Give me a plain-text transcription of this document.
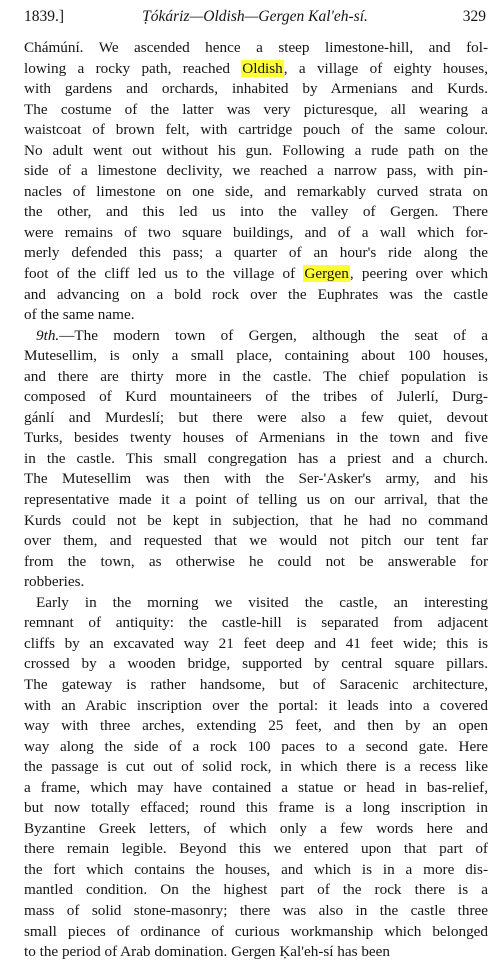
1839.]	Ṭókáriz—Oldish—Gergen Kal'eh-sí.	329
Chámúní. We ascended hence a steep limestone-hill, and fol-
lowing a rocky path, reached Oldish, a village of eighty houses,
with gardens and orchards, inhabited by Armenians and Kurds.
The costume of the latter was very picturesque, all wearing a
waistcoat of brown felt, with cartridge pouch of the same colour.
No adult went out without his gun. Following a rude path on the
side of a limestone declivity, we reached a narrow pass, with pin-
nacles of limestone on one side, and remarkably curved strata on
the other, and this led us into the valley of Gergen. There
were remains of two square buildings, and of a wall which for-
merly defended this pass; a quarter of an hour's ride along the
foot of the cliff led us to the village of Gergen, peering over which
and advancing on a bold rock over the Euphrates was the castle
of the same name.
9th.—The modern town of Gergen, although the seat of a
Mutesellim, is only a small place, containing about 100 houses,
and there are thirty more in the castle. The chief population is
composed of Kurd mountaineers of the tribes of Julerlí, Durg-
gánlí and Murdeslí; but there were also a few quiet, devout
Turks, besides twenty houses of Armenians in the town and five
in the castle. This small congregation has a priest and a church.
The Mutesellim was then with the Ser-'Asker's army, and his
representative made it a point of telling us on our arrival, that the
Kurds could not be kept in subjection, that he had no command
over them, and requested that we would not pitch our tent far
from the town, as otherwise he could not be answerable for
robberies.
Early in the morning we visited the castle, an interesting
remnant of antiquity: the castle-hill is separated from adjacent
cliffs by an excavated way 21 feet deep and 41 feet wide; this is
crossed by a wooden bridge, supported by central square pillars.
The gateway is rather handsome, but of Saracenic architecture,
with an Arabic inscription over the portal: it leads into a covered
way with three arches, extending 25 feet, and then by an open
way along the side of a rock 100 paces to a second gate. Here
the passage is cut out of solid rock, in which there is a recess like
a frame, which may have contained a statue or head in bas-relief,
but now totally effaced; round this frame is a long inscription in
Byzantine Greek letters, of which only a few words here and
there remain legible. Beyond this we entered upon that part of
the fort which contains the houses, and which is in a more dis-
mantled condition. On the highest part of the rock there is a
mass of solid stone-masonry; there was also in the castle three
small pieces of ordinance of curious workmanship which belonged
to the period of Arab domination. Gergen Ḳal'eh-sí has been
